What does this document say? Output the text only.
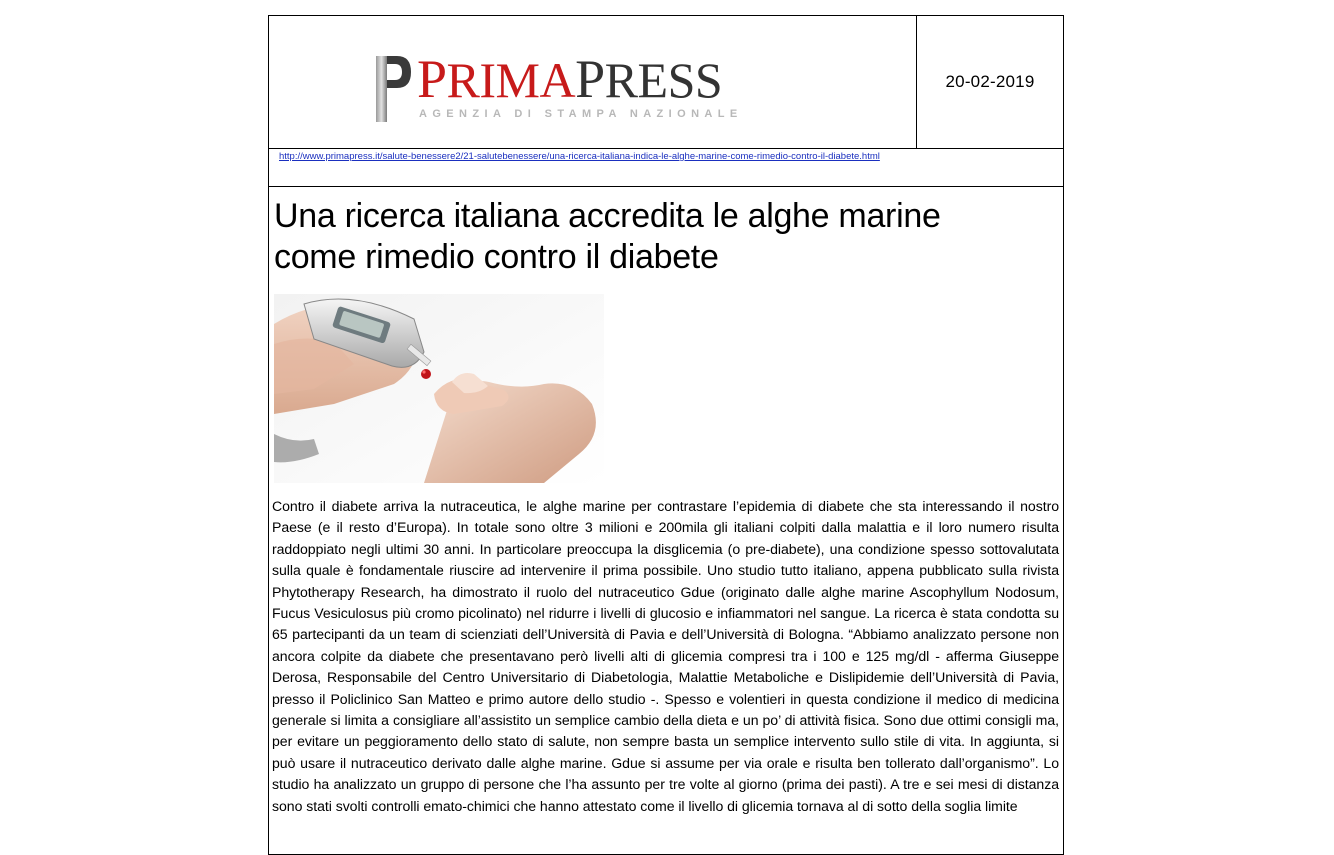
PRIMAPRESS
AGENZIA DI STAMPA NAZIONALE
20-02-2019
http://www.primapress.it/salute-benessere2/21-salutebenessere/una-ricerca-italiana-indica-le-alghe-marine-come-rimedio-contro-il-diabete.html
Una ricerca italiana accredita le alghe marine come rimedio contro il diabete

Contro il diabete arriva la nutraceutica, le alghe marine per contrastare l’epidemia di diabete che sta interessando il nostro Paese (e il resto d’Europa). In totale sono oltre 3 milioni e 200mila gli italiani colpiti dalla malattia e il loro numero risulta raddoppiato negli ultimi 30 anni. In particolare preoccupa la disglicemia (o pre-diabete), una condizione spesso sottovalutata sulla quale è fondamentale riuscire ad intervenire il prima possibile. Uno studio tutto italiano, appena pubblicato sulla rivista Phytotherapy Research, ha dimostrato il ruolo del nutraceutico Gdue (originato dalle alghe marine Ascophyllum Nodosum, Fucus Vesiculosus più cromo picolinato) nel ridurre i livelli di glucosio e infiammatori nel sangue. La ricerca è stata condotta su 65 partecipanti da un team di scienziati dell’Università di Pavia e dell’Università di Bologna. “Abbiamo analizzato persone non ancora colpite da diabete che presentavano però livelli alti di glicemia compresi tra i 100 e 125 mg/dl - afferma Giuseppe Derosa, Responsabile del Centro Universitario di Diabetologia, Malattie Metaboliche e Dislipidemie dell’Università di Pavia, presso il Policlinico San Matteo e primo autore dello studio -. Spesso e volentieri in questa condizione il medico di medicina generale si limita a consigliare all’assistito un semplice cambio della dieta e un po’ di attività fisica. Sono due ottimi consigli ma, per evitare un peggioramento dello stato di salute, non sempre basta un semplice intervento sullo stile di vita. In aggiunta, si può usare il nutraceutico derivato dalle alghe marine. Gdue si assume per via orale e risulta ben tollerato dall’organismo”. Lo studio ha analizzato un gruppo di persone che l’ha assunto per tre volte al giorno (prima dei pasti). A tre e sei mesi di distanza sono stati svolti controlli emato-chimici che hanno attestato come il livello di glicemia tornava al di sotto della soglia limite
